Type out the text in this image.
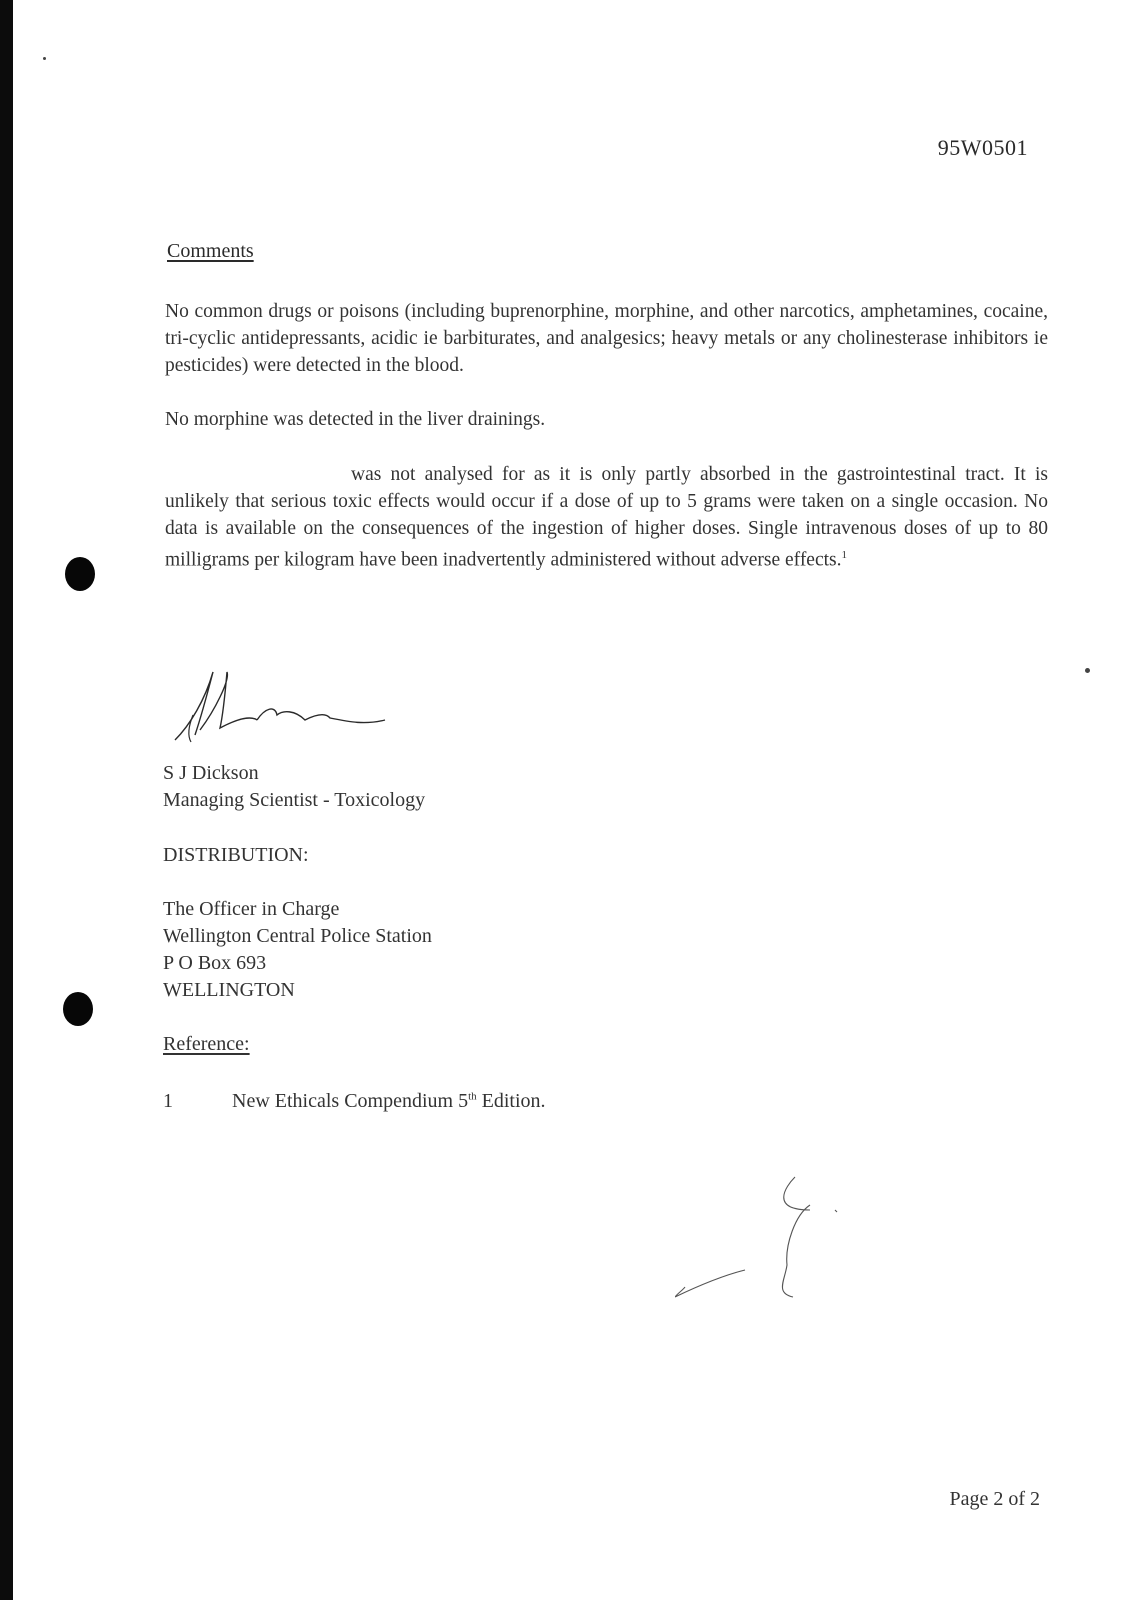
95W0501
Comments
No common drugs or poisons (including buprenorphine, morphine, and other narcotics, amphetamines, cocaine, tri-cyclic antidepressants, acidic ie barbiturates, and analgesics; heavy metals or any cholinesterase inhibitors ie pesticides) were detected in the blood.
No morphine was detected in the liver drainings.
was not analysed for as it is only partly absorbed in the gastrointestinal tract. It is unlikely that serious toxic effects would occur if a dose of up to 5 grams were taken on a single occasion. No data is available on the consequences of the ingestion of higher doses. Single intravenous doses of up to 80 milligrams per kilogram have been inadvertently administered without adverse effects.$^1$
S J Dickson
Managing Scientist - Toxicology
DISTRIBUTION:
The Officer in Charge
Wellington Central Police Station
P O Box 693
WELLINGTON
Reference:
1	New Ethicals Compendium 5th Edition.
Page 2 of 2
